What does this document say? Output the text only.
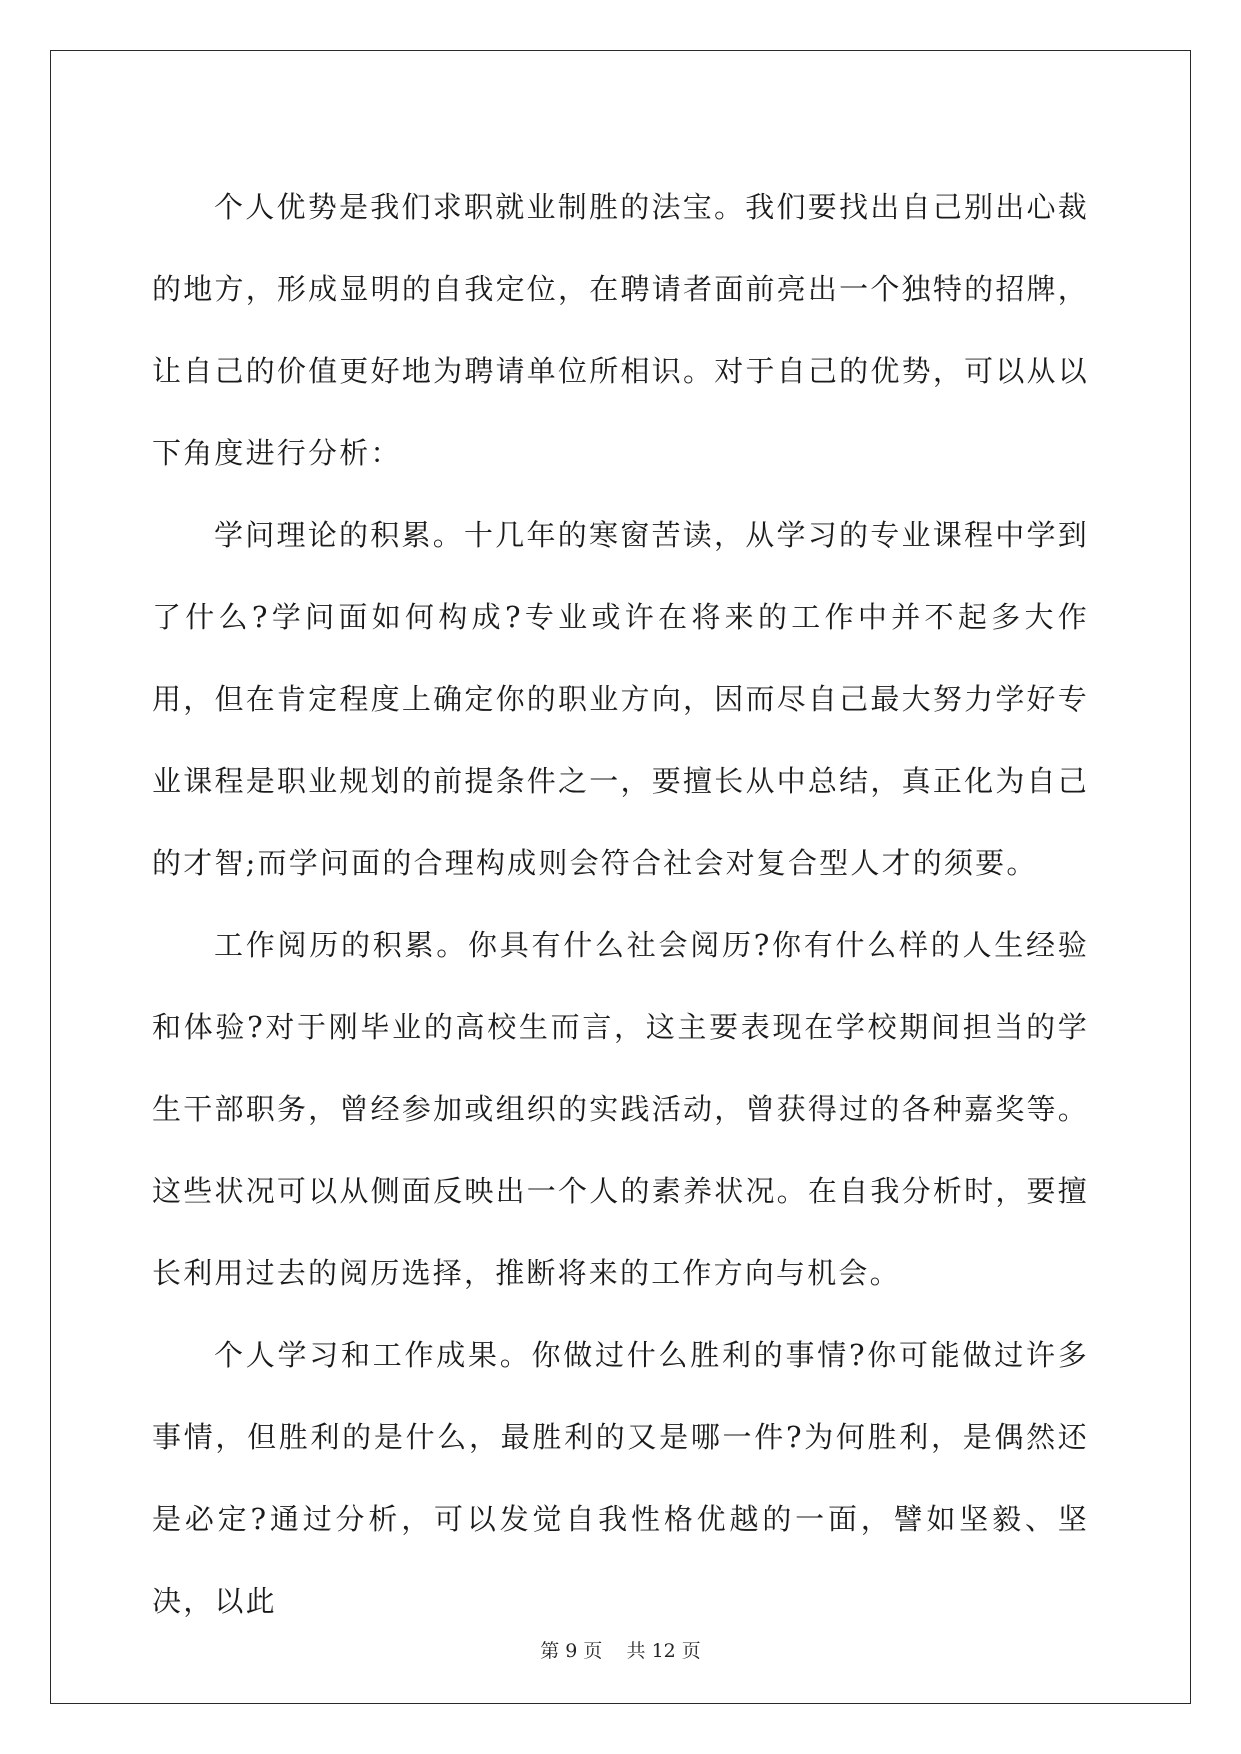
个人优势是我们求职就业制胜的法宝。我们要找出自己别出心裁的地方，形成显明的自我定位，在聘请者面前亮出一个独特的招牌，让自己的价值更好地为聘请单位所相识。对于自己的优势，可以从以下角度进行分析：

学问理论的积累。十几年的寒窗苦读，从学习的专业课程中学到了什么?学问面如何构成?专业或许在将来的工作中并不起多大作用，但在肯定程度上确定你的职业方向，因而尽自己最大努力学好专业课程是职业规划的前提条件之一，要擅长从中总结，真正化为自己的才智;而学问面的合理构成则会符合社会对复合型人才的须要。

工作阅历的积累。你具有什么社会阅历?你有什么样的人生经验和体验?对于刚毕业的高校生而言，这主要表现在学校期间担当的学生干部职务，曾经参加或组织的实践活动，曾获得过的各种嘉奖等。这些状况可以从侧面反映出一个人的素养状况。在自我分析时，要擅长利用过去的阅历选择，推断将来的工作方向与机会。

个人学习和工作成果。你做过什么胜利的事情?你可能做过许多事情，但胜利的是什么，最胜利的又是哪一件?为何胜利，是偶然还是必定?通过分析，可以发觉自我性格优越的一面，譬如坚毅、坚决，以此

第 9 页 共 12 页
